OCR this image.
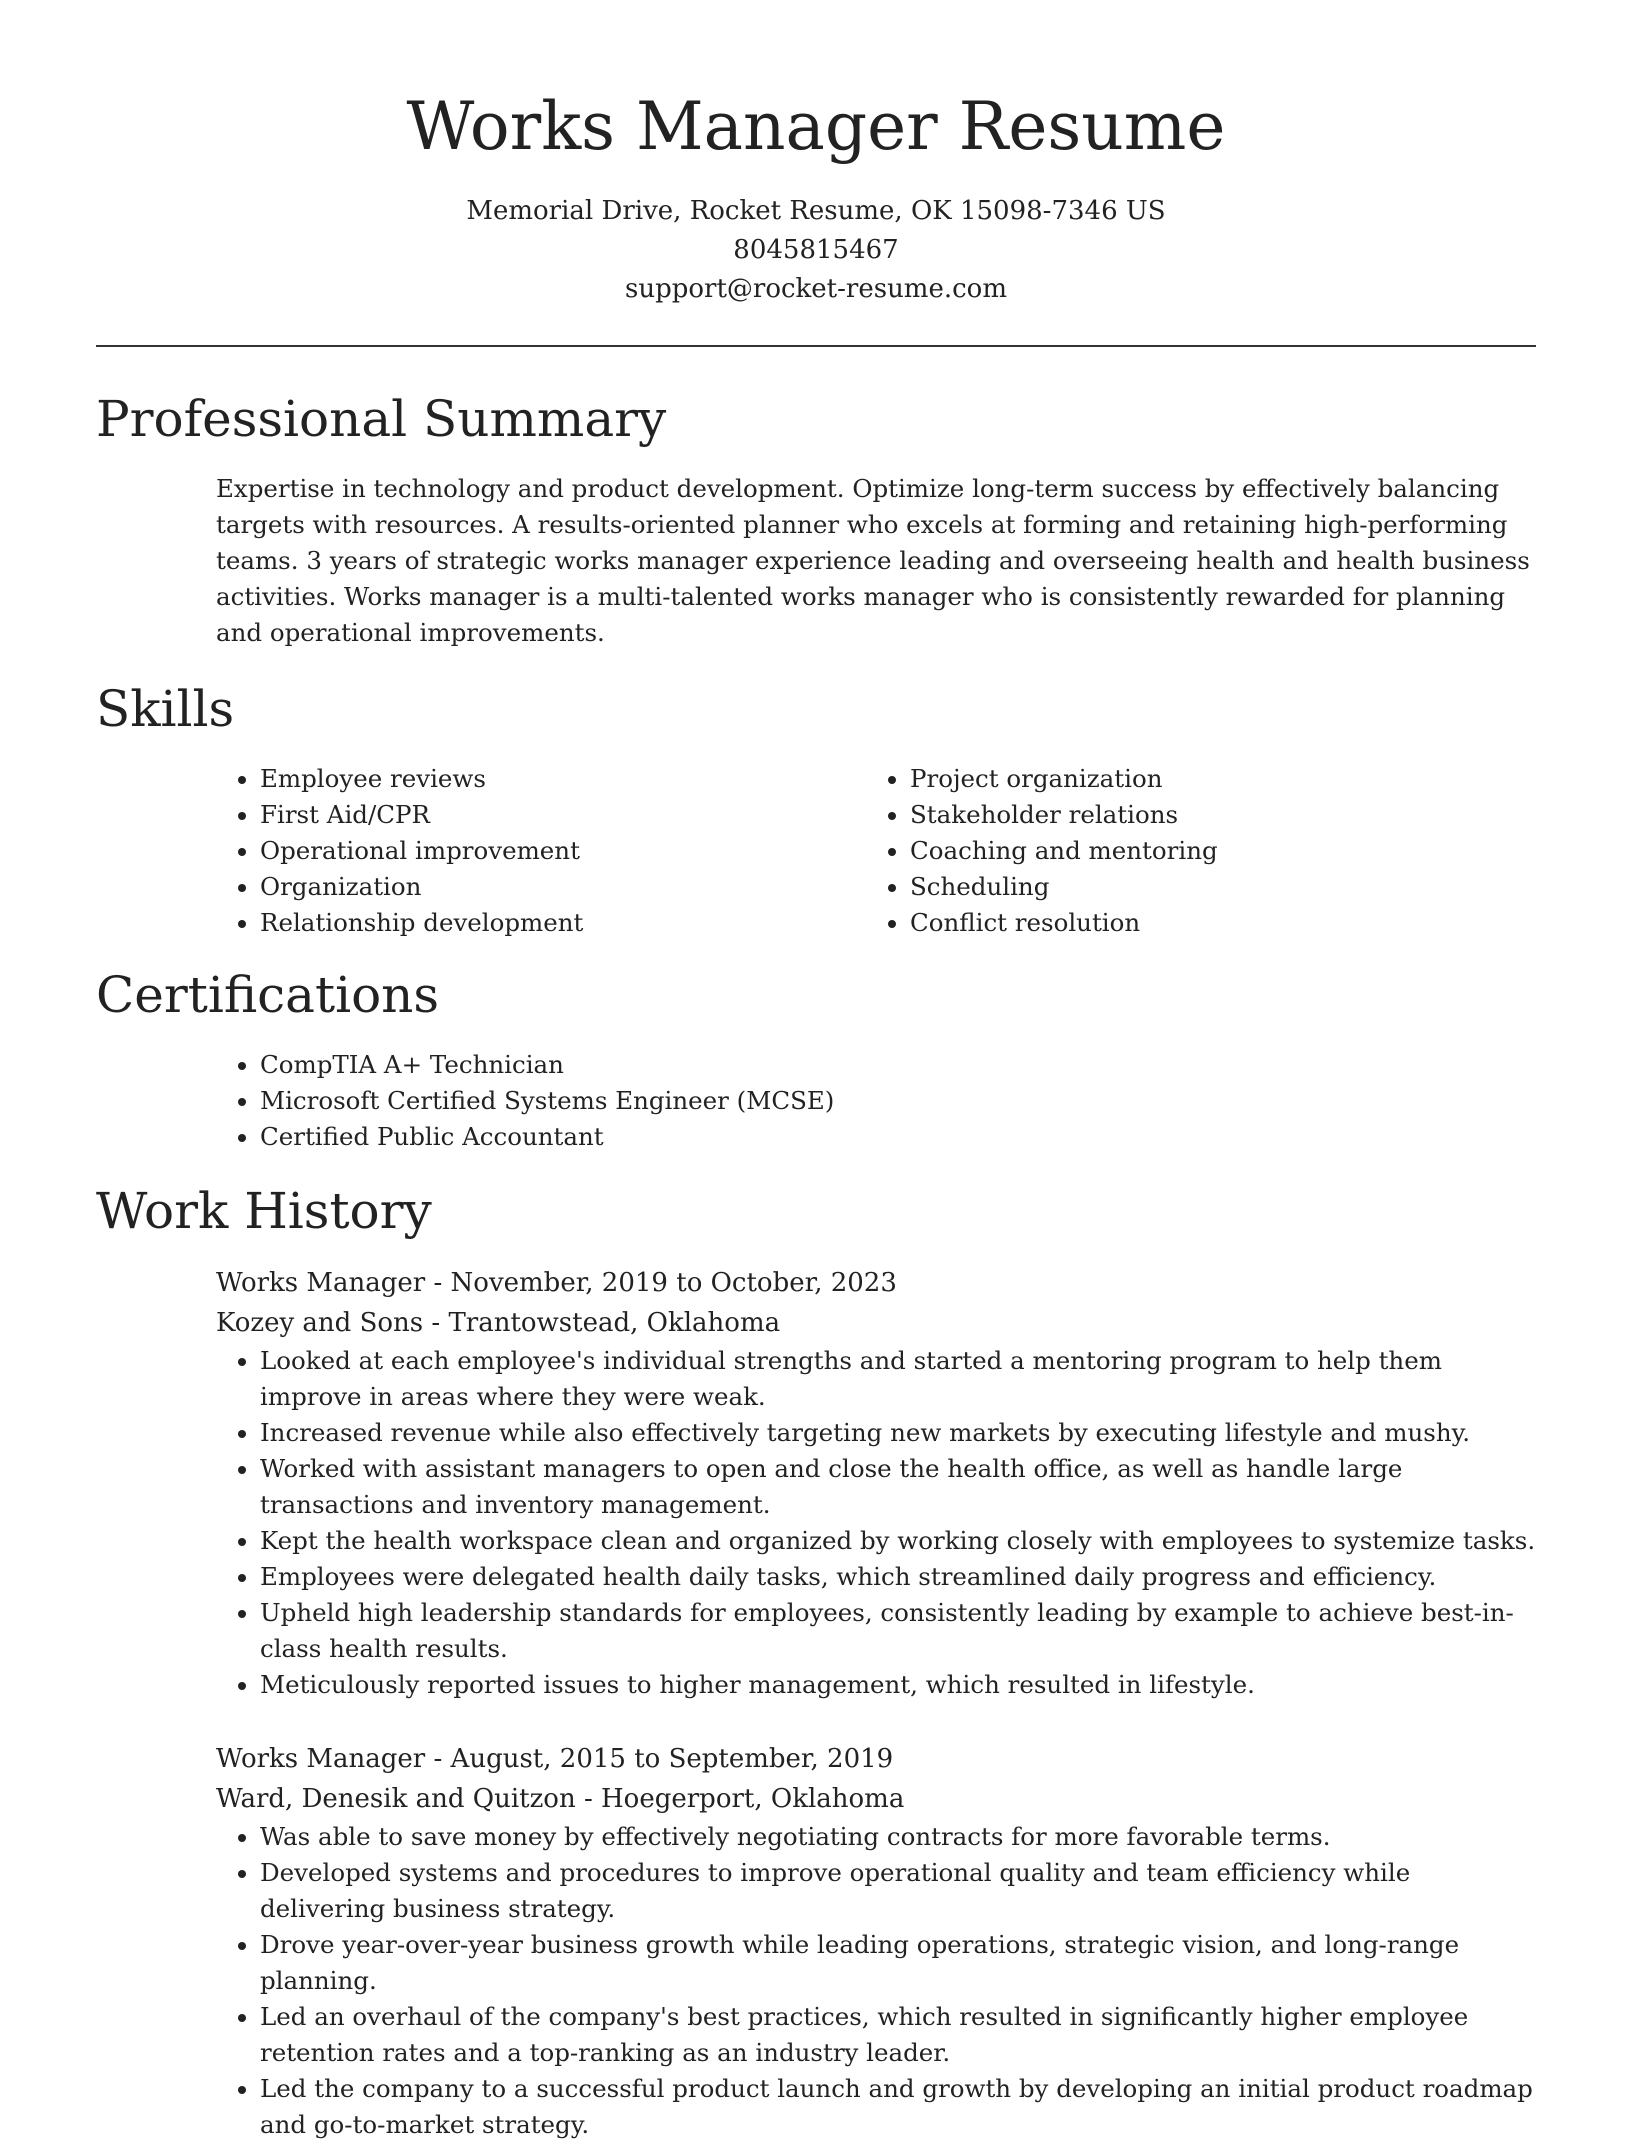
Works Manager Resume
Memorial Drive, Rocket Resume, OK 15098-7346 US
8045815467
support@rocket-resume.com
Professional Summary

Expertise in technology and product development. Optimize long-term success by effectively balancing targets with resources. A results-oriented planner who excels at forming and retaining high-performing teams. 3 years of strategic works manager experience leading and overseeing health and health business activities. Works manager is a multi-talented works manager who is consistently rewarded for planning and operational improvements.

Skills
• Employee reviews
• First Aid/CPR
• Operational improvement
• Organization
• Relationship development
• Project organization
• Stakeholder relations
• Coaching and mentoring
• Scheduling
• Conflict resolution
Certifications
• CompTIA A+ Technician
• Microsoft Certified Systems Engineer (MCSE)
• Certified Public Accountant
Work History
Works Manager - November, 2019 to October, 2023
Kozey and Sons - Trantowstead, Oklahoma
• Looked at each employee's individual strengths and started a mentoring program to help them improve in areas where they were weak.
• Increased revenue while also effectively targeting new markets by executing lifestyle and mushy.
• Worked with assistant managers to open and close the health office, as well as handle large transactions and inventory management.
• Kept the health workspace clean and organized by working closely with employees to systemize tasks.
• Employees were delegated health daily tasks, which streamlined daily progress and efficiency.
• Upheld high leadership standards for employees, consistently leading by example to achieve best-in-class health results.
• Meticulously reported issues to higher management, which resulted in lifestyle.
Works Manager - August, 2015 to September, 2019
Ward, Denesik and Quitzon - Hoegerport, Oklahoma
• Was able to save money by effectively negotiating contracts for more favorable terms.
• Developed systems and procedures to improve operational quality and team efficiency while delivering business strategy.
• Drove year-over-year business growth while leading operations, strategic vision, and long-range planning.
• Led an overhaul of the company's best practices, which resulted in significantly higher employee retention rates and a top-ranking as an industry leader.
• Led the company to a successful product launch and growth by developing an initial product roadmap and go-to-market strategy.
